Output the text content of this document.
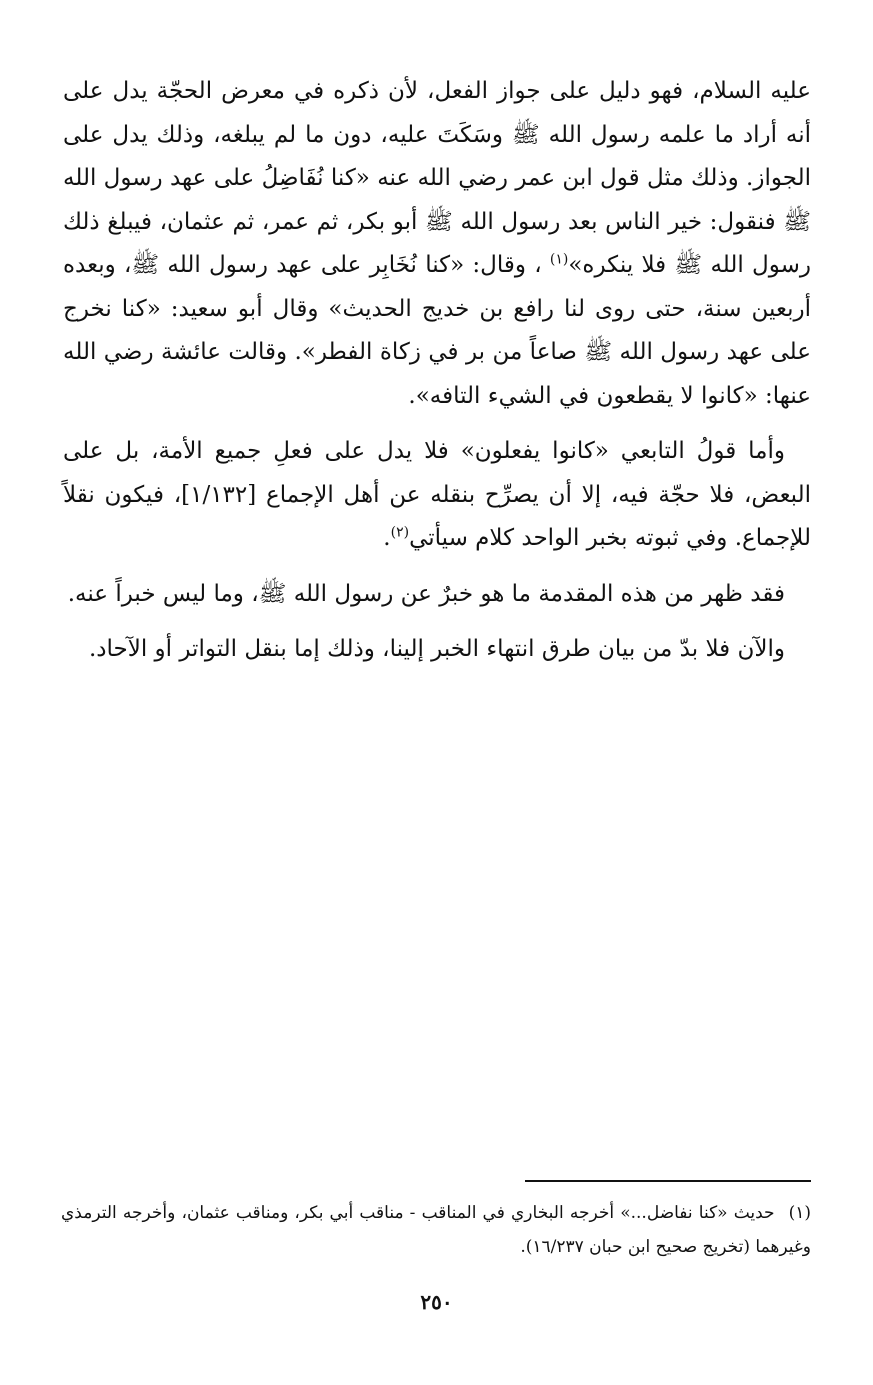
عليه السلام، فهو دليل على جواز الفعل، لأن ذكره في معرض الحجّة يدل على أنه أراد ما علمه رسول الله ﷺ وسَكَتَ عليه، دون ما لم يبلغه، وذلك يدل على الجواز. وذلك مثل قول ابن عمر رضي الله عنه «كنا نُفَاضِلُ على عهد رسول الله ﷺ فنقول: خير الناس بعد رسول الله ﷺ أبو بكر، ثم عمر، ثم عثمان، فيبلغ ذلك رسول الله ﷺ فلا ينكره»$^{(١)}$ ، وقال: «كنا نُخَابِر على عهد رسول الله ﷺ، وبعده أربعين سنة، حتى روى لنا رافع بن خديج الحديث» وقال أبو سعيد: «كنا نخرج على عهد رسول الله ﷺ صاعاً من بر في زكاة الفطر». وقالت عائشة رضي الله عنها: «كانوا لا يقطعون في الشيء التافه».

وأما قولُ التابعي «كانوا يفعلون» فلا يدل على فعلِ جميع الأمة، بل على البعض، فلا حجّة فيه، إلا أن يصرِّح بنقله عن أهل الإجماع [١/١٣٢]، فيكون نقلاً للإجماع. وفي ثبوته بخبر الواحد كلام سيأتي$^{(٢)}$.

فقد ظهر من هذه المقدمة ما هو خبرٌ عن رسول الله ﷺ، وما ليس خبراً عنه.

والآن فلا بدّ من بيان طرق انتهاء الخبر إلينا، وذلك إما بنقل التواتر أو الآحاد.

(١)حديث «كنا نفاضل...» أخرجه البخاري في المناقب - مناقب أبي بكر، ومناقب عثمان، وأخرجه الترمذي وغيرهما (تخريج صحيح ابن حبان ١٦/٢٣٧).

٢٥٠
